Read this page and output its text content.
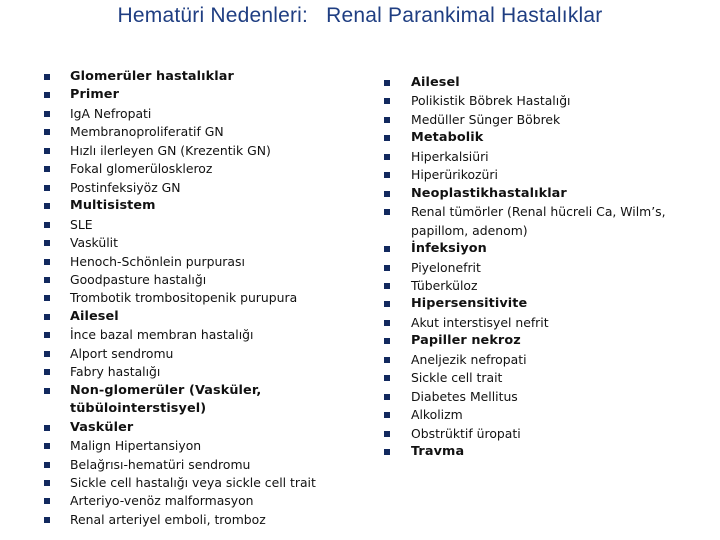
Hematüri Nedenleri: Renal Parankimal Hastalıklar
Glomerüler hastalıklar
Primer
IgA Nefropati
Membranoproliferatif GN
Hızlı ilerleyen GN (Krezentik GN)
Fokal glomerüloskleroz
Postinfeksiyöz GN
Multisistem
SLE
Vaskülit
Henoch-Schönlein purpurası
Goodpasture hastalığı
Trombotik trombositopenik purupura
Ailesel
İnce bazal membran hastalığı
Alport sendromu
Fabry hastalığı
Non-glomerüler (Vasküler, tübülointerstisyel)
Vasküler
Malign Hipertansiyon
Belağrısı-hematüri sendromu
Sickle cell hastalığı veya sickle cell trait
Arteriyo-venöz malformasyon
Renal arteriyel emboli, tromboz
Ailesel
Polikistik Böbrek Hastalığı
Medüller Sünger Böbrek
Metabolik
Hiperkalsiüri
Hiperürikozüri
Neoplastikhastalıklar
Renal tümörler (Renal hücreli Ca, Wilm’s, papillom, adenom)
İnfeksiyon
Piyelonefrit
Tüberküloz
Hipersensitivite
Akut interstisyel nefrit
Papiller nekroz
Aneljezik nefropati
Sickle cell trait
Diabetes Mellitus
Alkolizm
Obstrüktif üropati
Travma
